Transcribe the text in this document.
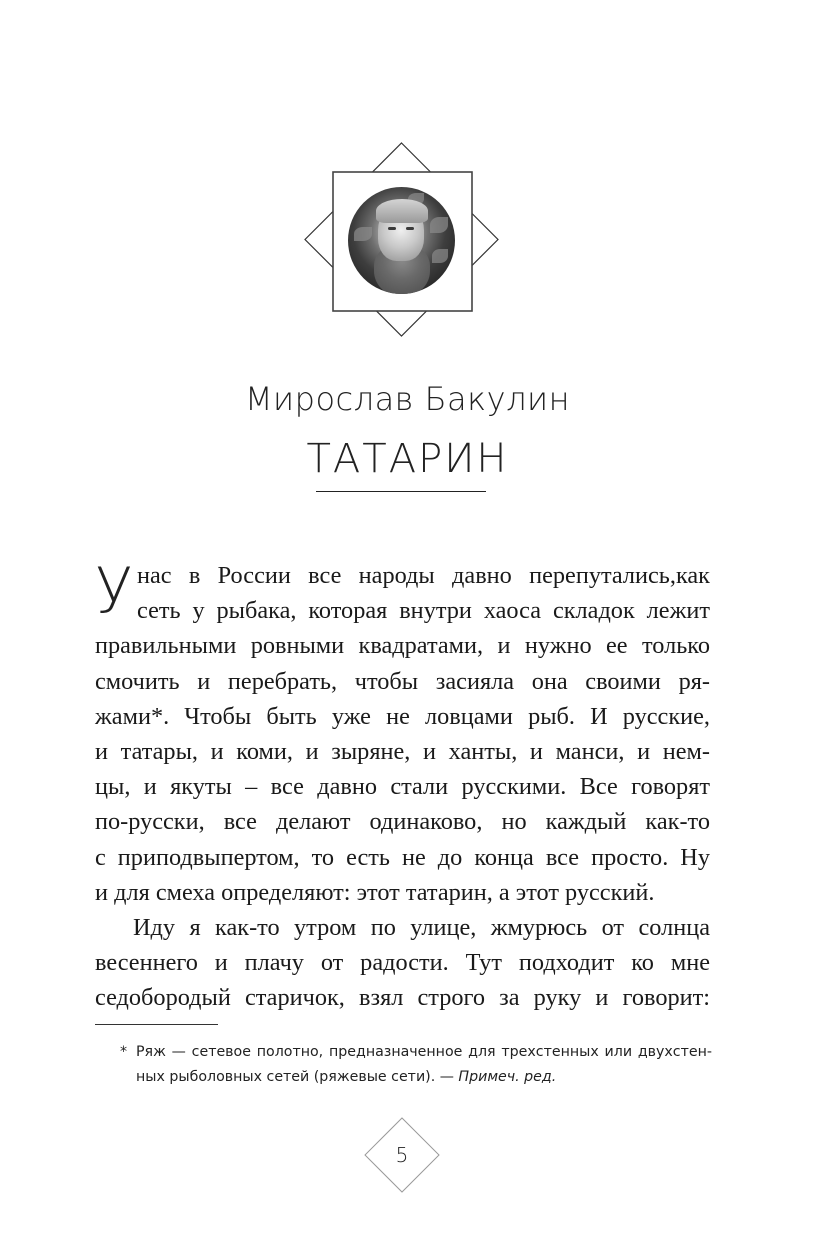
Мирослав Бакулин
ТАТАРИН
У нас в России все народы давно перепутались,как
сеть у рыбака, которая внутри хаоса складок лежит
правильными ровными квадратами, и нужно ее только
смочить и перебрать, чтобы засияла она своими ря-
жами*. Чтобы быть уже не ловцами рыб. И русские,
и татары, и коми, и зыряне, и ханты, и манси, и нем-
цы, и якуты – все давно стали русскими. Все говорят
по-русски, все делают одинаково, но каждый как-то
с приподвыпертом, то есть не до конца все просто. Ну
и для смеха определяют: этот татарин, а этот русский.
Иду я как-то утром по улице, жмурюсь от солнца
весеннего и плачу от радости. Тут подходит ко мне
седобородый старичок, взял строго за руку и говорит:
* Ряж — сетевое полотно, предназначенное для трехстенных или двухстен-
ных рыболовных сетей (ряжевые сети). — Примеч. ред.
5
